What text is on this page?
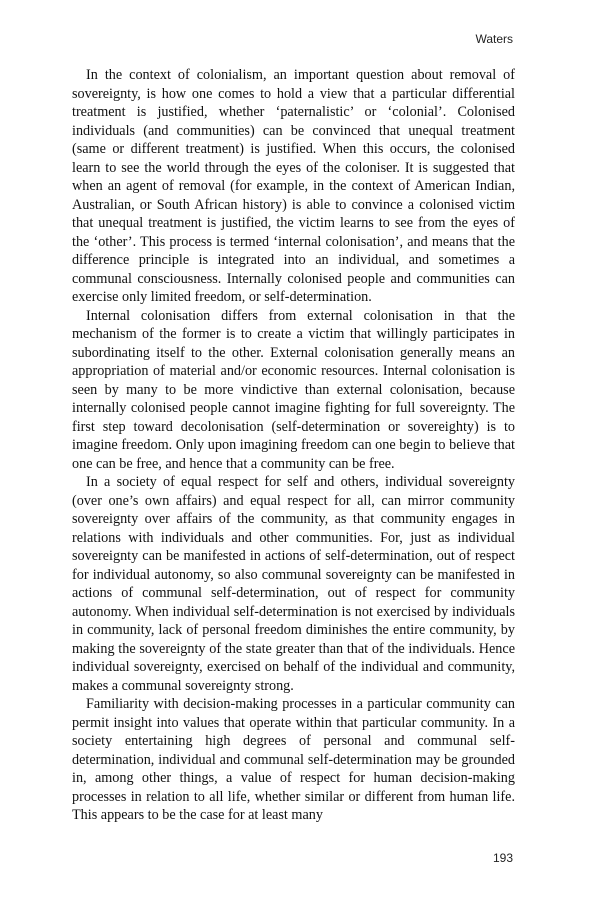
Waters

In the context of colonialism, an important question about removal of sovereignty, is how one comes to hold a view that a particular differential treatment is justified, whether ‘paternalistic’ or ‘colonial’. Colonised individuals (and communities) can be convinced that unequal treatment (same or different treatment) is justified. When this occurs, the colonised learn to see the world through the eyes of the coloniser. It is suggested that when an agent of removal (for example, in the context of American Indian, Australian, or South African history) is able to convince a colonised victim that unequal treatment is justified, the victim learns to see from the eyes of the ‘other’. This process is termed ‘internal colonisation’, and means that the difference principle is integrated into an individual, and sometimes a communal consciousness. Internally colonised people and communities can exercise only limited freedom, or self-determination.

Internal colonisation differs from external colonisation in that the mechanism of the former is to create a victim that willingly participates in subordinating itself to the other. External colonisation generally means an appropriation of material and/or economic resources. Internal colonisation is seen by many to be more vindictive than external colonisation, because internally colonised people cannot imagine fighting for full sovereignty. The first step toward decolonisation (self-determination or sovereighty) is to imagine freedom. Only upon imagining freedom can one begin to believe that one can be free, and hence that a community can be free.

In a society of equal respect for self and others, individual sovereignty (over one’s own affairs) and equal respect for all, can mirror community sovereignty over affairs of the community, as that community engages in relations with individuals and other communities. For, just as individual sovereignty can be manifested in actions of self-determination, out of respect for individual autonomy, so also communal sovereignty can be manifested in actions of communal self-determination, out of respect for community autonomy. When individual self-determination is not exercised by individuals in community, lack of personal freedom diminishes the entire community, by making the sovereignty of the state greater than that of the individuals. Hence individual sovereignty, exercised on behalf of the individual and community, makes a communal sovereignty strong.

Familiarity with decision-making processes in a particular community can permit insight into values that operate within that particular community. In a society entertaining high degrees of personal and communal self-determination, individual and communal self-determination may be grounded in, among other things, a value of respect for human decision-making processes in relation to all life, whether similar or different from human life. This appears to be the case for at least many

193
